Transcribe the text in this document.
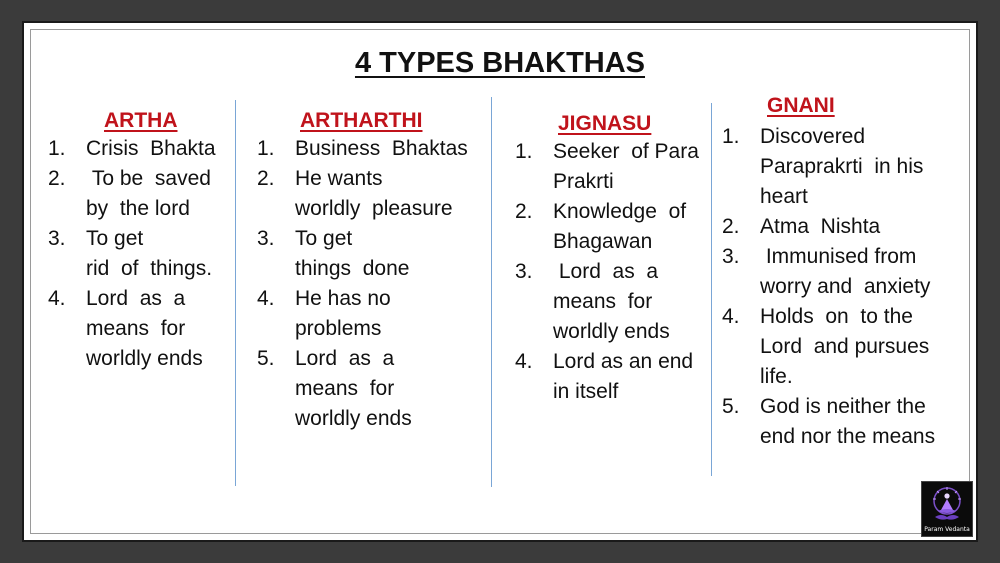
4 TYPES BHAKTHAS
ARTHA
1. Crisis  Bhakta
2.	To be  saved
by  the lord
3. To get
rid  of  things.
4. Lord  as  a
means  for
worldly ends
ARTHARTHI
1. Business  Bhaktas
2. He wants
worldly  pleasure
3. To get
things  done
4. He has no
problems
5. Lord  as  a
means  for
worldly ends
JIGNASU
1. Seeker  of Para
Prakrti
2. Knowledge  of
Bhagawan
3.	Lord  as  a
means  for
worldly ends
4. Lord as an end
in itself
GNANI
1. Discovered
Paraprakrti  in his
heart
2. Atma  Nishta
3.	Immunised from
worry and  anxiety
4. Holds  on  to the
Lord  and pursues
life.
5. God is neither the
end nor the means
Param Vedanta
